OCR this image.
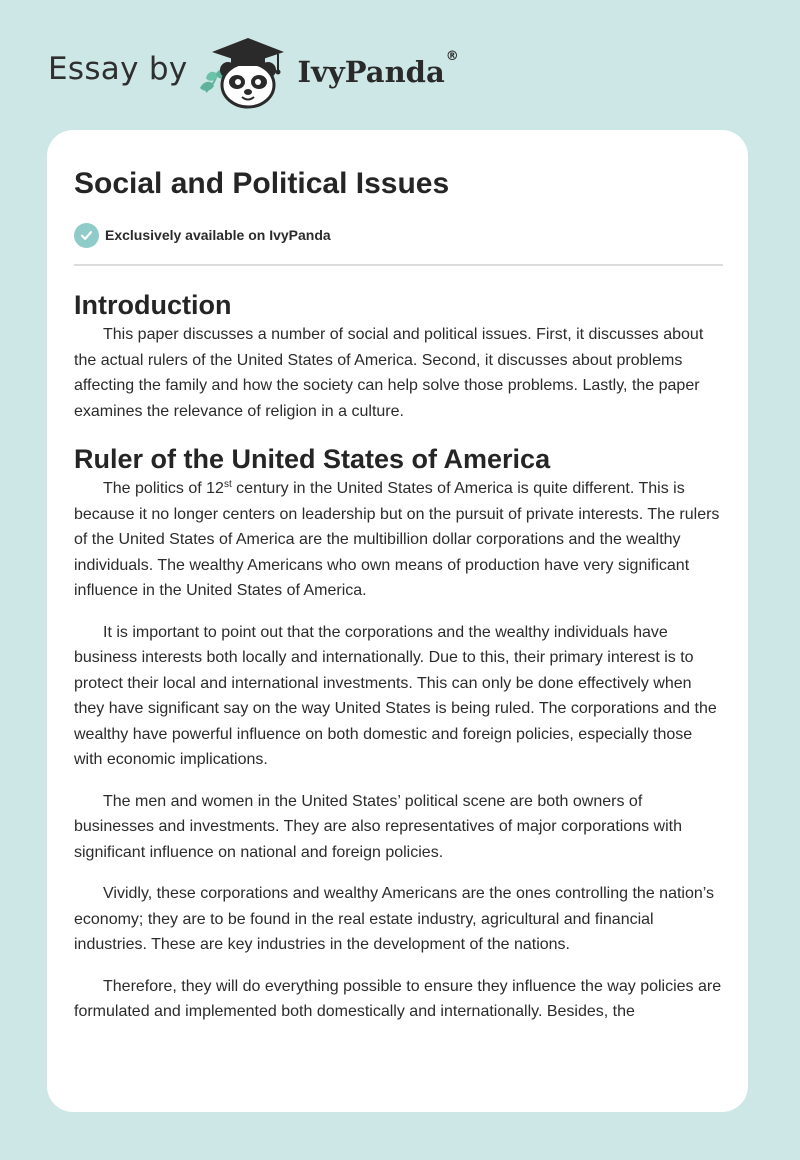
Essay by	IvyPanda®
Social and Political Issues
Exclusively available on IvyPanda
Introduction

This paper discusses a number of social and political issues. First, it discusses about the actual rulers of the United States of America. Second, it discusses about problems affecting the family and how the society can help solve those problems. Lastly, the paper examines the relevance of religion in a culture.

Ruler of the United States of America

The politics of 12st century in the United States of America is quite different. This is because it no longer centers on leadership but on the pursuit of private interests. The rulers of the United States of America are the multibillion dollar corporations and the wealthy individuals. The wealthy Americans who own means of production have very significant influence in the United States of America.

It is important to point out that the corporations and the wealthy individuals have business interests both locally and internationally. Due to this, their primary interest is to protect their local and international investments. This can only be done effectively when they have significant say on the way United States is being ruled. The corporations and the wealthy have powerful influence on both domestic and foreign policies, especially those with economic implications.

The men and women in the United States’ political scene are both owners of businesses and investments. They are also representatives of major corporations with significant influence on national and foreign policies.

Vividly, these corporations and wealthy Americans are the ones controlling the nation’s economy; they are to be found in the real estate industry, agricultural and financial industries. These are key industries in the development of the nations.

Therefore, they will do everything possible to ensure they influence the way policies are formulated and implemented both domestically and internationally. Besides, the
